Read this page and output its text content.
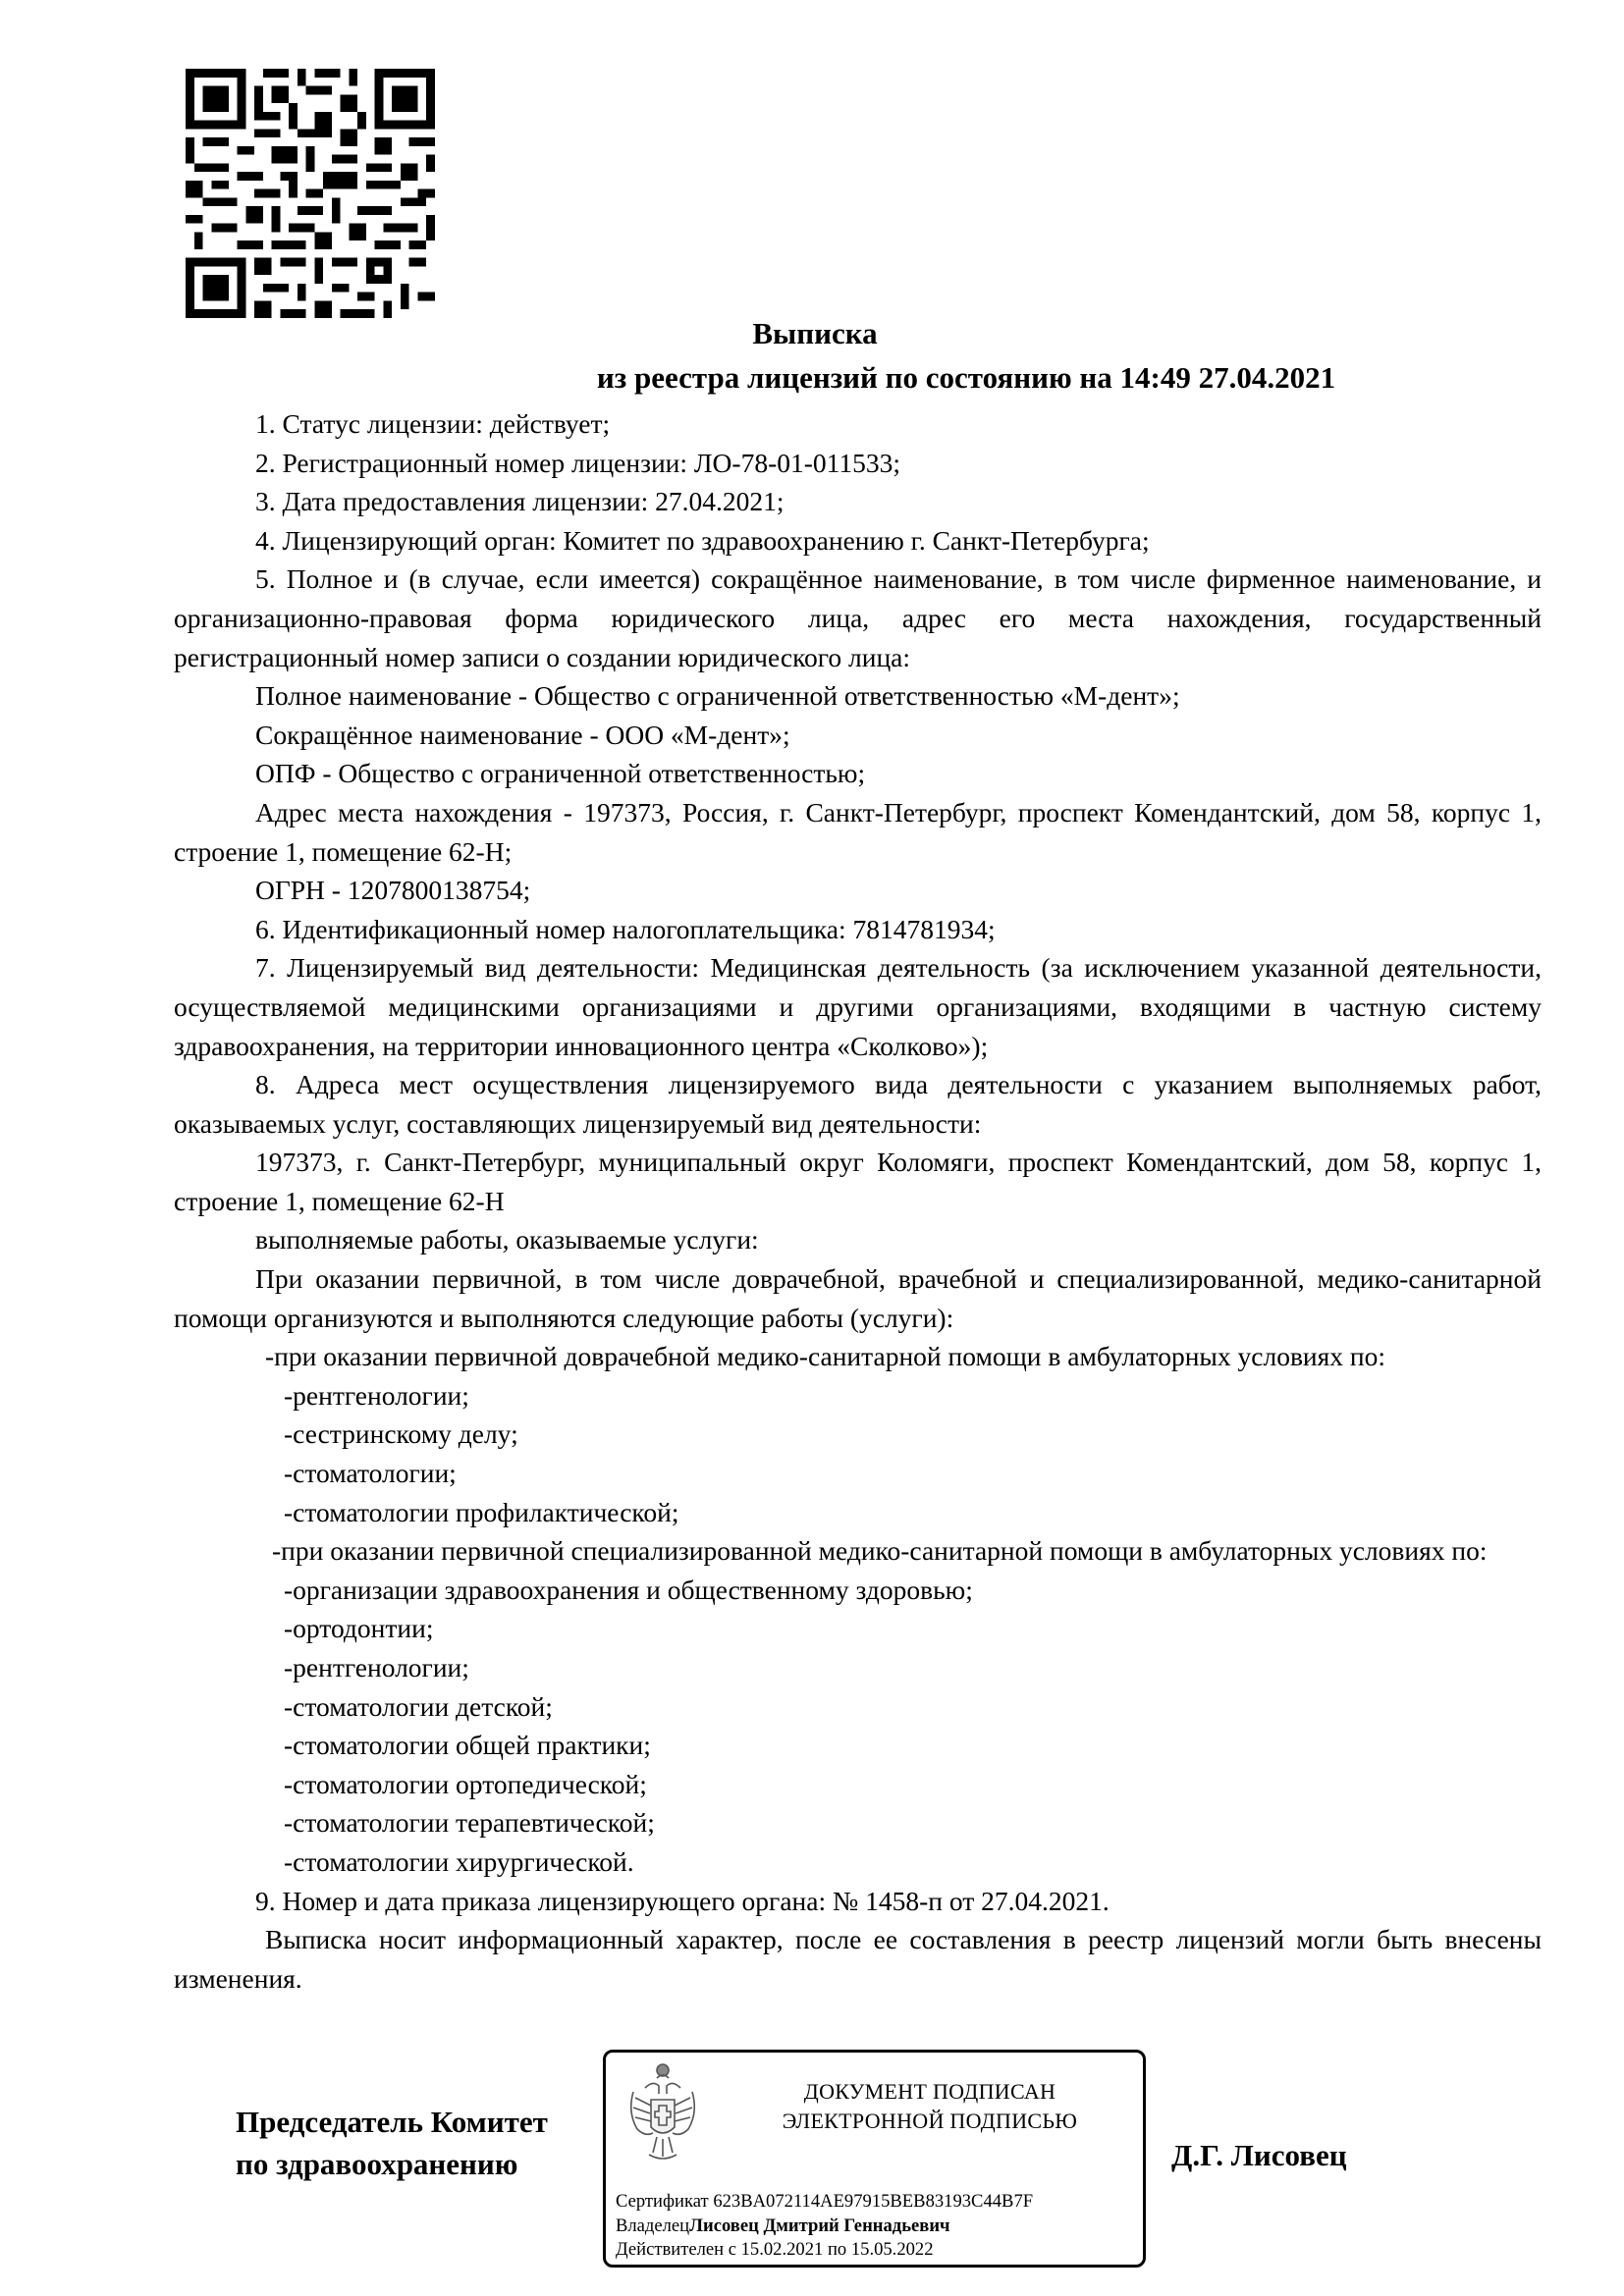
Выписка
из реестра лицензий по состоянию на 14:49 27.04.2021

1. Статус лицензии: действует;

2. Регистрационный номер лицензии: ЛО-78-01-011533;

3. Дата предоставления лицензии: 27.04.2021;

4. Лицензирующий орган: Комитет по здравоохранению г. Санкт-Петербурга;

5. Полное и (в случае, если имеется) сокращённое наименование, в том числе фирменное наименование, и организационно-правовая форма юридического лица, адрес его места нахождения, государственный регистрационный номер записи о создании юридического лица:

Полное наименование - Общество с ограниченной ответственностью «М-дент»;

Сокращённое наименование - ООО «М-дент»;

ОПФ - Общество с ограниченной ответственностью;

Адрес места нахождения - 197373, Россия, г. Санкт-Петербург, проспект Комендантский, дом 58, корпус 1, строение 1, помещение 62-Н;

ОГРН - 1207800138754;

6. Идентификационный номер налогоплательщика: 7814781934;

7. Лицензируемый вид деятельности: Медицинская деятельность (за исключением указанной деятельности, осуществляемой медицинскими организациями и другими организациями, входящими в частную систему здравоохранения, на территории инновационного центра «Сколково»);

8. Адреса мест осуществления лицензируемого вида деятельности с указанием выполняемых работ, оказываемых услуг, составляющих лицензируемый вид деятельности:

197373, г. Санкт-Петербург, муниципальный округ Коломяги, проспект Комендантский, дом 58, корпус 1, строение 1, помещение 62-Н

выполняемые работы, оказываемые услуги:

При оказании первичной, в том числе доврачебной, врачебной и специализированной, медико-санитарной помощи организуются и выполняются следующие работы (услуги):

-при оказании первичной доврачебной медико-санитарной помощи в амбулаторных условиях по:

-рентгенологии;

-сестринскому делу;

-стоматологии;

-стоматологии профилактической;

-при оказании первичной специализированной медико-санитарной помощи в амбулаторных условиях по:

-организации здравоохранения и общественному здоровью;

-ортодонтии;

-рентгенологии;

-стоматологии детской;

-стоматологии общей практики;

-стоматологии ортопедической;

-стоматологии терапевтической;

-стоматологии хирургической.

9. Номер и дата приказа лицензирующего органа: № 1458-п от 27.04.2021.

Выписка носит информационный характер, после ее составления в реестр лицензий могли быть внесены изменения.

Председатель Комитет
по здравоохранению
ДОКУМЕНТ ПОДПИСАН
ЭЛЕКТРОННОЙ ПОДПИСЬЮ
Сертификат 623BA072114AE97915BEB83193C44B7F
ВладелецЛисовец Дмитрий Геннадьевич
Действителен с 15.02.2021 по 15.05.2022
Д.Г. Лисовец
